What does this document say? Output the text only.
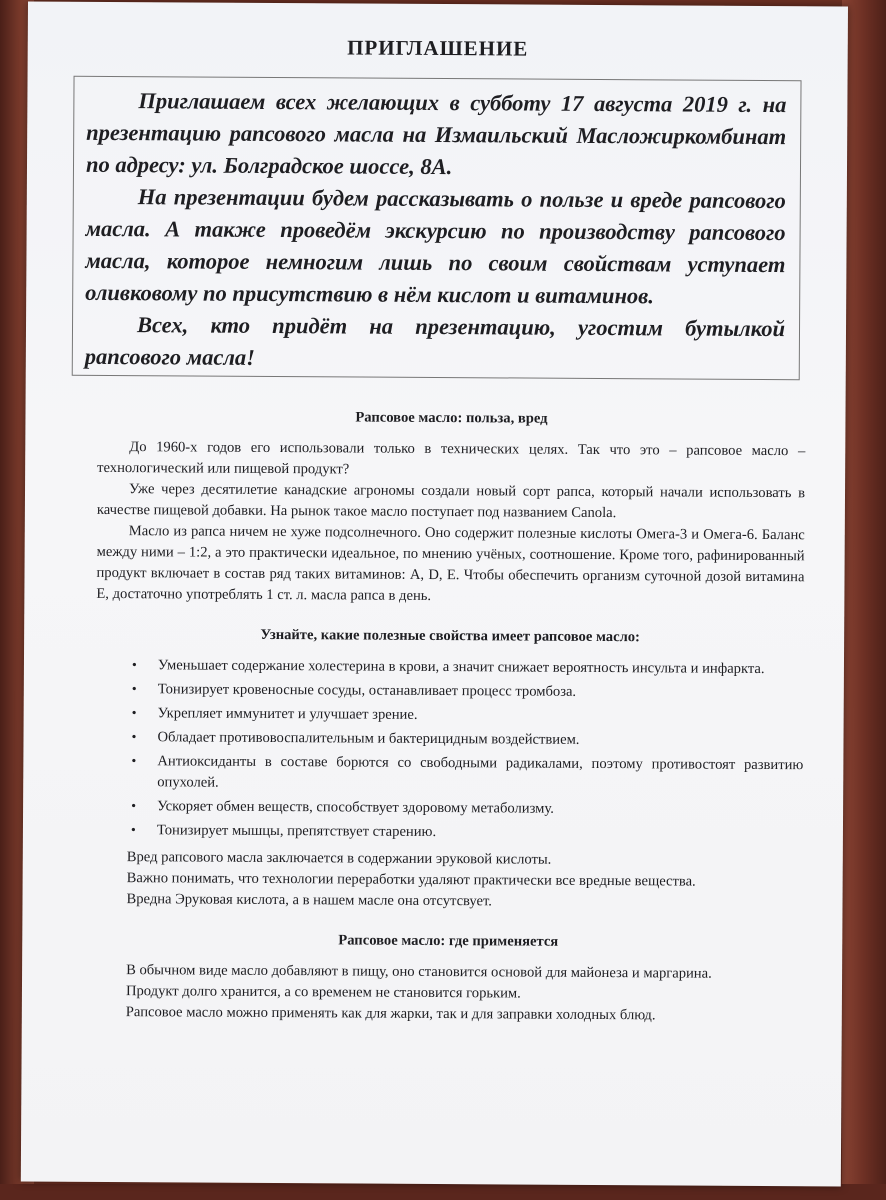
ПРИГЛАШЕНИЕ

Приглашаем всех желающих в субботу 17 августа 2019 г. на презентацию рапсового масла на Измаильский Масложиркомбинат по адресу: ул. Болградское шоссе, 8А.

На презентации будем рассказывать о пользе и вреде рапсового масла. А также проведём экскурсию по производству рапсового масла, которое немногим лишь по своим свойствам уступает оливковому по присутствию в нём кислот и витаминов.

Всех, кто придёт на презентацию, угостим бутылкой рапсового масла!

Рапсовое масло: польза, вред

До 1960-х годов его использовали только в технических целях. Так что это – рапсовое масло – технологический или пищевой продукт?

Уже через десятилетие канадские агрономы создали новый сорт рапса, который начали использовать в качестве пищевой добавки. На рынок такое масло поступает под названием Canola.

Масло из рапса ничем не хуже подсолнечного. Оно содержит полезные кислоты Омега-3 и Омега-6. Баланс между ними – 1:2, а это практически идеальное, по мнению учёных, соотношение. Кроме того, рафинированный продукт включает в состав ряд таких витаминов: A, D, E. Чтобы обеспечить организм суточной дозой витамина Е, достаточно употреблять 1 ст. л. масла рапса в день.

Узнайте, какие полезные свойства имеет рапсовое масло:
• Уменьшает содержание холестерина в крови, а значит снижает вероятность инсульта и инфаркта.
• Тонизирует кровеносные сосуды, останавливает процесс тромбоза.
• Укрепляет иммунитет и улучшает зрение.
• Обладает противовоспалительным и бактерицидным воздействием.
• Антиоксиданты в составе борются со свободными радикалами, поэтому противостоят развитию опухолей.
• Ускоряет обмен веществ, способствует здоровому метаболизму.
• Тонизирует мышцы, препятствует старению.

Вред рапсового масла заключается в содержании эруковой кислоты.

Важно понимать, что технологии переработки удаляют практически все вредные вещества.

Вредна Эруковая кислота, а в нашем масле она отсутсвует.

Рапсовое масло: где применяется

В обычном виде масло добавляют в пищу, оно становится основой для майонеза и маргарина.

Продукт долго хранится, а со временем не становится горьким.

Рапсовое масло можно применять как для жарки, так и для заправки холодных блюд.
